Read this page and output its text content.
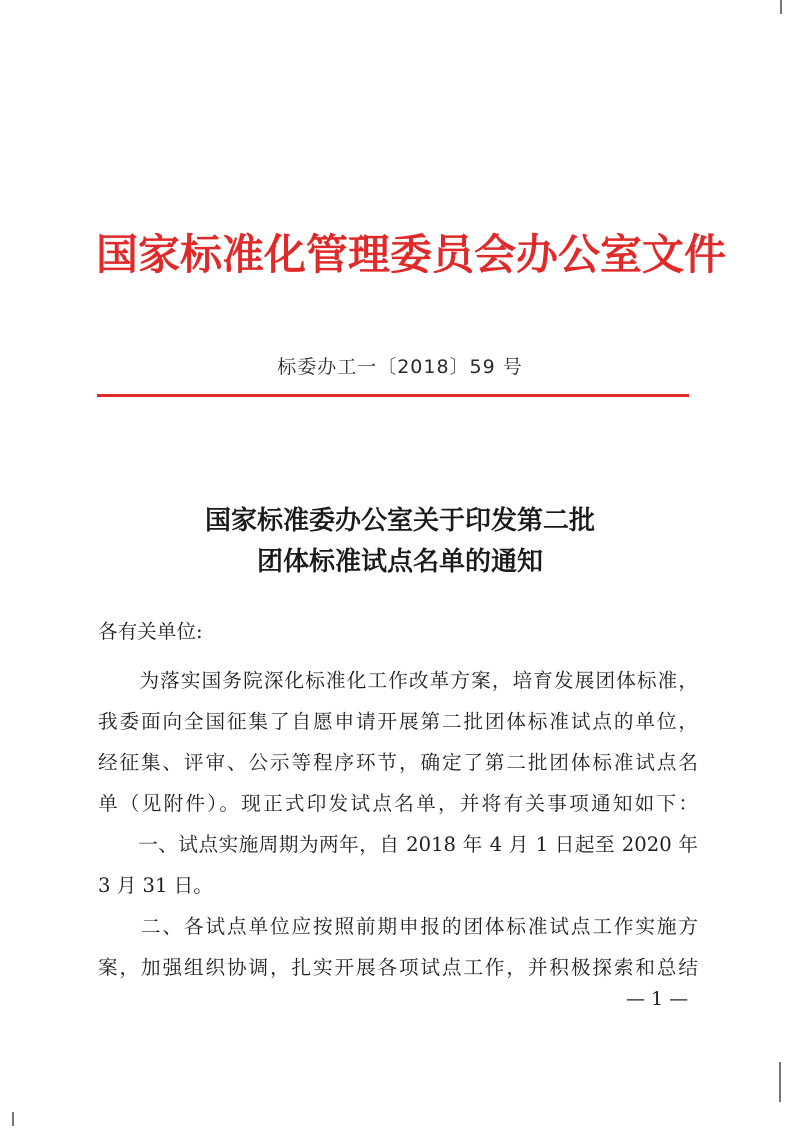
国家标准化管理委员会办公室文件
标委办工一〔2018〕59 号
国家标准委办公室关于印发第二批
团体标准试点名单的通知
各有关单位:
　　为落实国务院深化标准化工作改革方案，培育发展团体标准，
我委面向全国征集了自愿申请开展第二批团体标准试点的单位，
经征集、评审、公示等程序环节，确定了第二批团体标准试点名
单（见附件）。现正式印发试点名单，并将有关事项通知如下：
　　一、试点实施周期为两年，自 2018 年 4 月 1 日起至 2020 年
3 月 31 日。
　　二、各试点单位应按照前期申报的团体标准试点工作实施方
案，加强组织协调，扎实开展各项试点工作，并积极探索和总结
— 1 —
